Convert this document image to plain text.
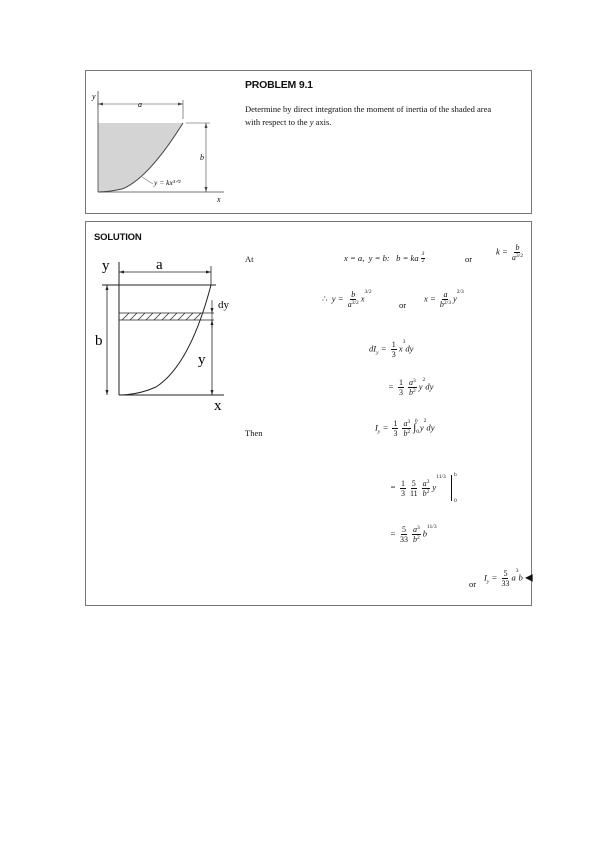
y
x
a
b
y = kx³ᐟ²
PROBLEM 9.1
Determine by direct integration the moment of inertia of the shaded area
with respect to the y axis.
SOLUTION
y	a
b
dy
y
x
At	x = a,  y = b:   b = ka $^{\frac{3}{2}}$	or
$k = \frac{b}{a^{3/2}}$
∴  $y = \frac{b}{a^{3/2}} x^{3/2}$
or
$x = \frac{a}{b^{2/3}} y^{2/3}$
$dI_y = \frac{1}{3} x^3dy$
= $\frac{1}{3} \frac{a^3}{b^2} y^2dy$
Then
$I_y = \frac{1}{3} \frac{a^3}{b^2} \int_0^b$ $y^2dy$
= $\frac{1}{3} \frac{5}{11} \frac{a^3}{b^2} y^{11/3}$ b
0
= $\frac{5}{33} \frac{a^3}{b^2} b^{11/3}$
or
$I_y = \frac{5}{33} a^3b$ ◀
